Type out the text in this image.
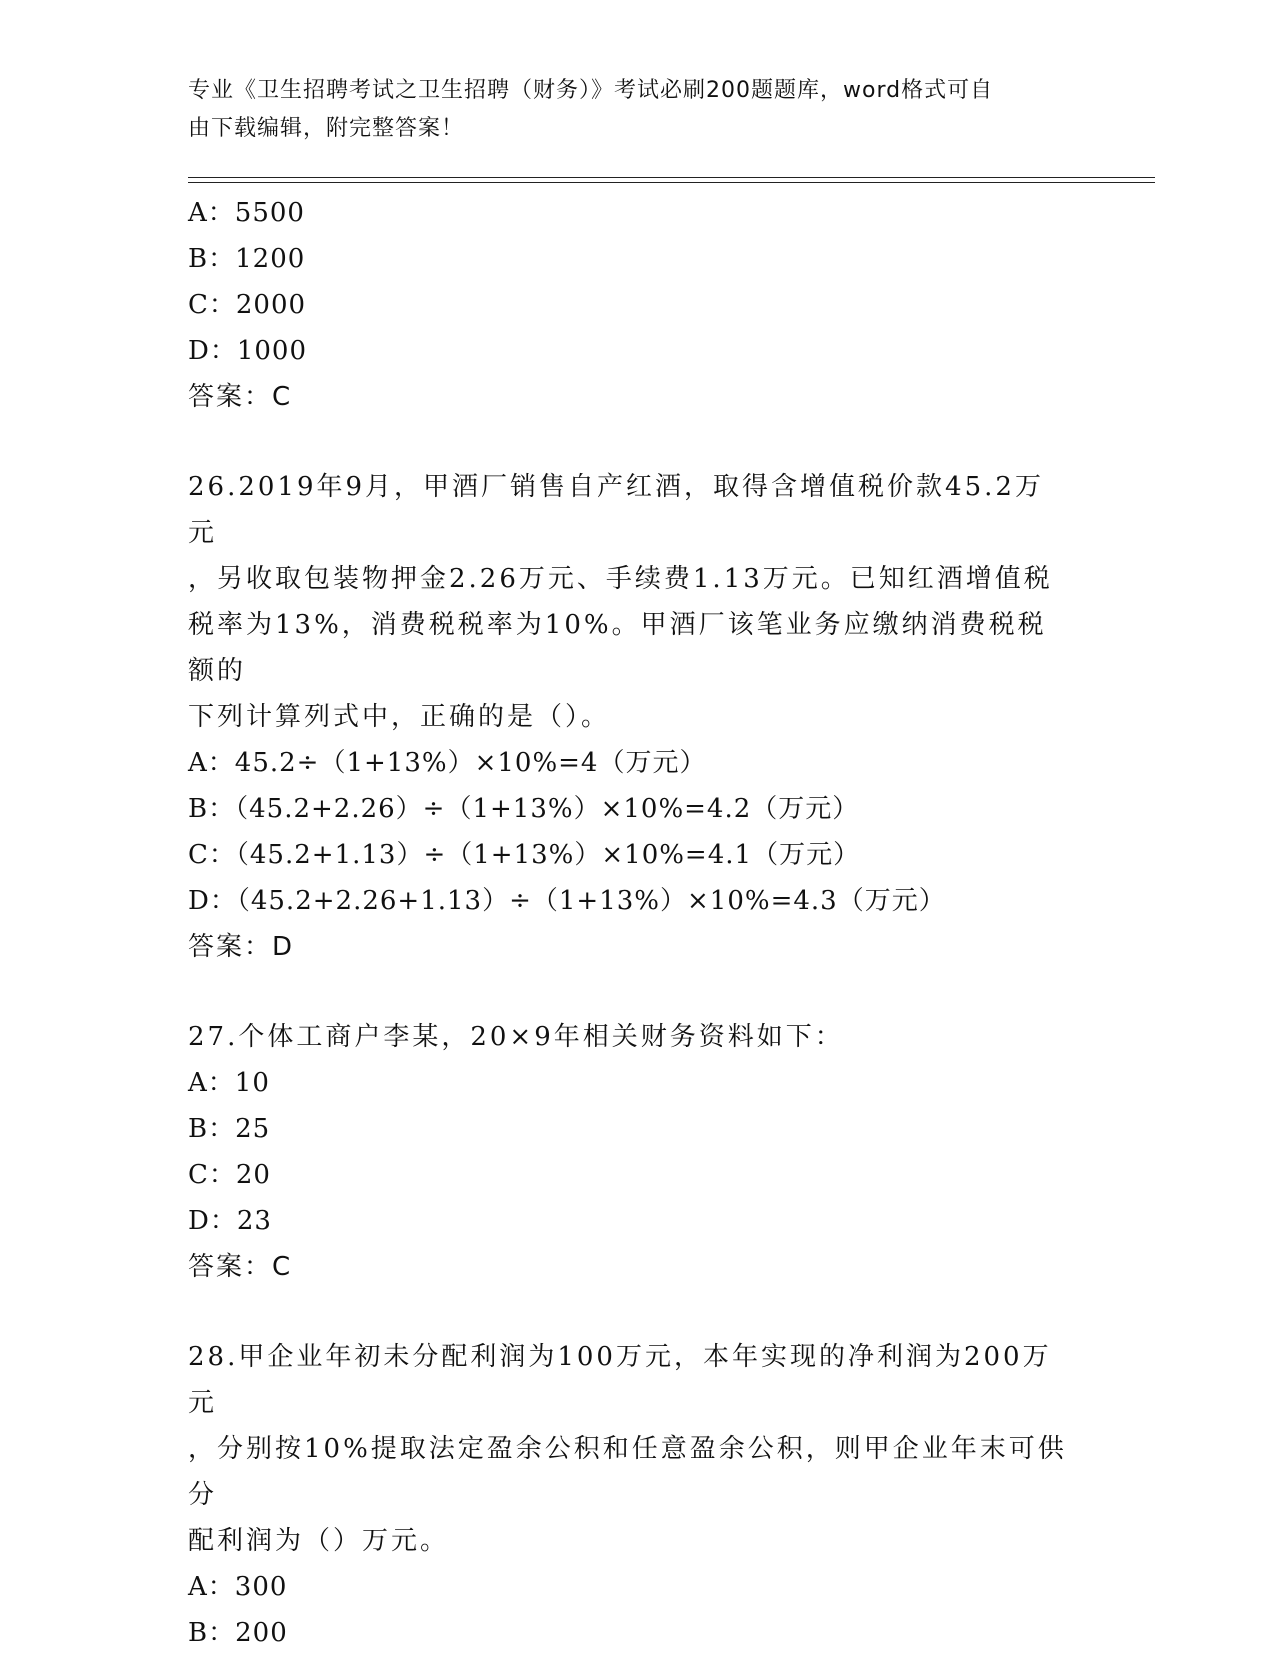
专业《卫生招聘考试之卫生招聘（财务）》考试必刷200题题库，word格式可自
由下载编辑，附完整答案！
A：5500
B：1200
C：2000
D：1000
答案：C
26.2019年9月，甲酒厂销售自产红酒，取得含增值税价款45.2万元
，另收取包装物押金2.26万元、手续费1.13万元。已知红酒增值税
税率为13%，消费税税率为10%。甲酒厂该笔业务应缴纳消费税税额的
下列计算列式中，正确的是（）。
A：45.2÷（1+13%）×10%=4（万元）
B：（45.2+2.26）÷（1+13%）×10%=4.2（万元）
C：（45.2+1.13）÷（1+13%）×10%=4.1（万元）
D：（45.2+2.26+1.13）÷（1+13%）×10%=4.3（万元）
答案：D
27.个体工商户李某，20×9年相关财务资料如下：
A：10
B：25
C：20
D：23
答案：C
28.甲企业年初未分配利润为100万元，本年实现的净利润为200万元
，分别按10%提取法定盈余公积和任意盈余公积，则甲企业年末可供分
配利润为（）万元。
A：300
B：200
